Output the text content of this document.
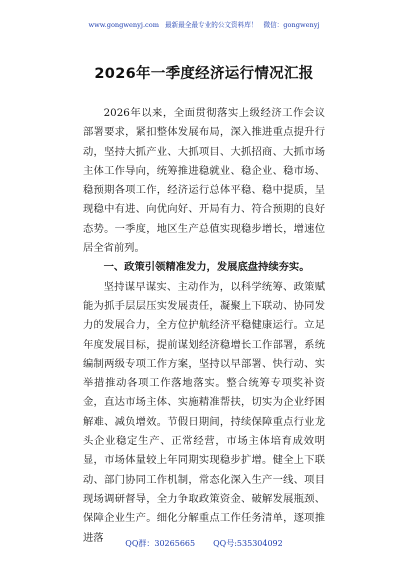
www.gongwenyj.com 最新最全最专业的公文资料库！ 微信：gongwenyj
2026年一季度经济运行情况汇报

2026年以来，全面贯彻落实上级经济工作会议部署要求，紧扣整体发展布局，深入推进重点提升行动，坚持大抓产业、大抓项目、大抓招商、大抓市场主体工作导向，统筹推进稳就业、稳企业、稳市场、稳预期各项工作，经济运行总体平稳、稳中提质，呈现稳中有进、向优向好、开局有力、符合预期的良好态势。一季度，地区生产总值实现稳步增长，增速位居全省前列。

一、政策引领精准发力，发展底盘持续夯实。

坚持谋早谋实、主动作为，以科学统筹、政策赋能为抓手层层压实发展责任，凝聚上下联动、协同发力的发展合力，全方位护航经济平稳健康运行。立足年度发展目标，提前谋划经济稳增长工作部署，系统编制两级专项工作方案，坚持以早部署、快行动、实举措推动各项工作落地落实。整合统筹专项奖补资金，直达市场主体、实施精准帮扶，切实为企业纾困解难、减负增效。节假日期间，持续保障重点行业龙头企业稳定生产、正常经营，市场主体培育成效明显，市场体量较上年同期实现稳步扩增。健全上下联动、部门协同工作机制，常态化深入生产一线、项目现场调研督导，全力争取政策资金、破解发展瓶颈、保障企业生产。细化分解重点工作任务清单，逐项推进落	QQ群：30265665 QQ号:535304092
